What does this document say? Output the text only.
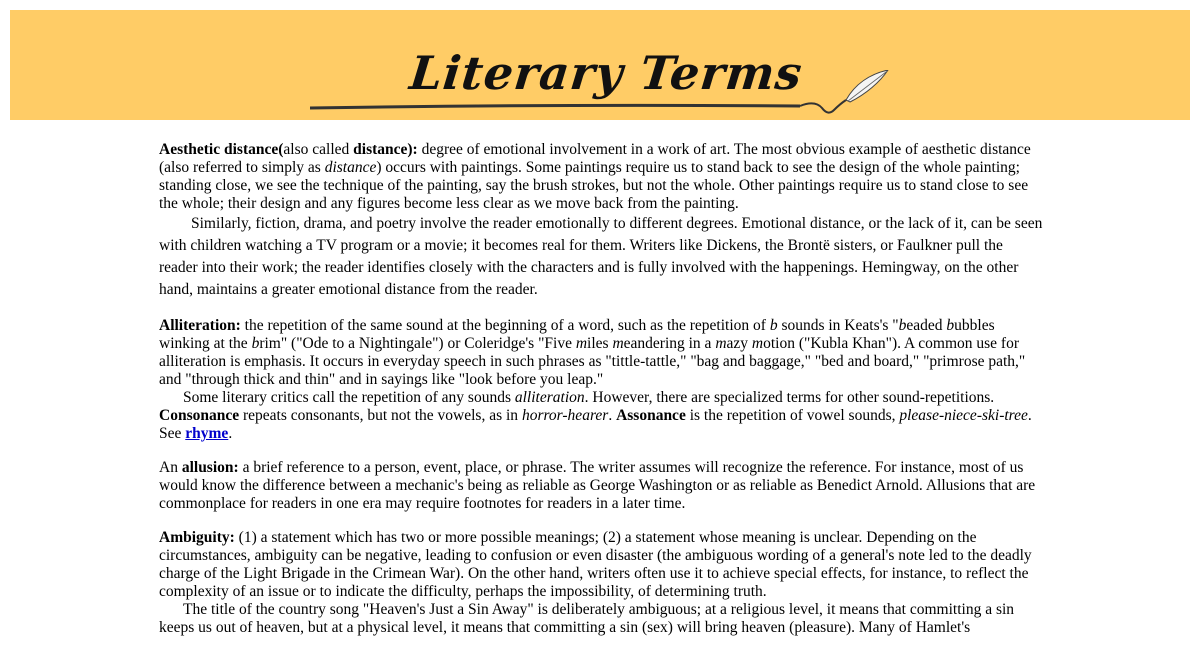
Literary Terms

Aesthetic distance(also called distance): degree of emotional involvement in a work of art. The most obvious example of aesthetic distance (also referred to simply as distance) occurs with paintings. Some paintings require us to stand back to see the design of the whole painting; standing close, we see the technique of the painting, say the brush strokes, but not the whole. Other paintings require us to stand close to see the whole; their design and any figures become less clear as we move back from the painting.
Similarly, fiction, drama, and poetry involve the reader emotionally to different degrees. Emotional distance, or the lack of it, can be seen with children watching a TV program or a movie; it becomes real for them. Writers like Dickens, the Brontë sisters, or Faulkner pull the reader into their work; the reader identifies closely with the characters and is fully involved with the happenings. Hemingway, on the other hand, maintains a greater emotional distance from the reader.

Alliteration: the repetition of the same sound at the beginning of a word, such as the repetition of b sounds in Keats's "beaded bubbles winking at the brim" ("Ode to a Nightingale") or Coleridge's "Five miles meandering in a mazy motion ("Kubla Khan"). A common use for alliteration is emphasis. It occurs in everyday speech in such phrases as "tittle-tattle," "bag and baggage," "bed and board," "primrose path," and "through thick and thin" and in sayings like "look before you leap."
Some literary critics call the repetition of any sounds alliteration. However, there are specialized terms for other sound-repetitions.
Consonance repeats consonants, but not the vowels, as in horror-hearer. Assonance is the repetition of vowel sounds, please-niece-ski-tree. See rhyme.

An allusion: a brief reference to a person, event, place, or phrase. The writer assumes will recognize the reference. For instance, most of us would know the difference between a mechanic's being as reliable as George Washington or as reliable as Benedict Arnold. Allusions that are commonplace for readers in one era may require footnotes for readers in a later time.

Ambiguity: (1) a statement which has two or more possible meanings; (2) a statement whose meaning is unclear. Depending on the circumstances, ambiguity can be negative, leading to confusion or even disaster (the ambiguous wording of a general's note led to the deadly charge of the Light Brigade in the Crimean War). On the other hand, writers often use it to achieve special effects, for instance, to reflect the complexity of an issue or to indicate the difficulty, perhaps the impossibility, of determining truth.
The title of the country song "Heaven's Just a Sin Away" is deliberately ambiguous; at a religious level, it means that committing a sin keeps us out of heaven, but at a physical level, it means that committing a sin (sex) will bring heaven (pleasure). Many of Hamlet's
